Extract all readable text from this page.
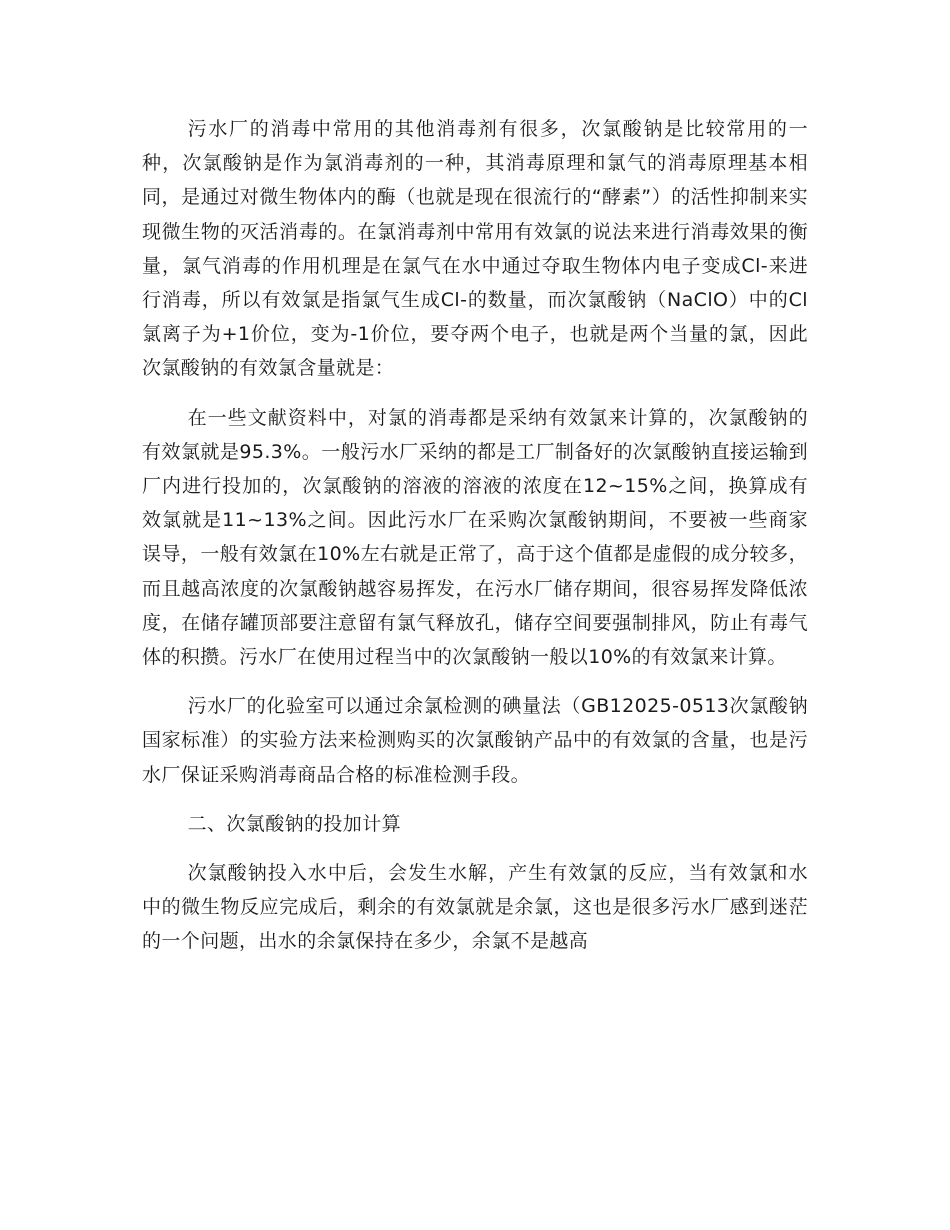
污水厂的消毒中常用的其他消毒剂有很多，次氯酸钠是比较常用的一种，次氯酸钠是作为氯消毒剂的一种，其消毒原理和氯气的消毒原理基本相同，是通过对微生物体内的酶（也就是现在很流行的“酵素”）的活性抑制来实现微生物的灭活消毒的。在氯消毒剂中常用有效氯的说法来进行消毒效果的衡量，氯气消毒的作用机理是在氯气在水中通过夺取生物体内电子变成Cl-来进行消毒，所以有效氯是指氯气生成Cl-的数量，而次氯酸钠（NaClO）中的Cl氯离子为+1价位，变为-1价位，要夺两个电子，也就是两个当量的氯，因此次氯酸钠的有效氯含量就是：

在一些文献资料中，对氯的消毒都是采纳有效氯来计算的，次氯酸钠的有效氯就是95.3%。一般污水厂采纳的都是工厂制备好的次氯酸钠直接运输到厂内进行投加的，次氯酸钠的溶液的溶液的浓度在12~15%之间，换算成有效氯就是11~13%之间。因此污水厂在采购次氯酸钠期间，不要被一些商家误导，一般有效氯在10%左右就是正常了，高于这个值都是虚假的成分较多，而且越高浓度的次氯酸钠越容易挥发，在污水厂储存期间，很容易挥发降低浓度，在储存罐顶部要注意留有氯气释放孔，储存空间要强制排风，防止有毒气体的积攒。污水厂在使用过程当中的次氯酸钠一般以10%的有效氯来计算。

污水厂的化验室可以通过余氯检测的碘量法（GB12025-0513次氯酸钠国家标准）的实验方法来检测购买的次氯酸钠产品中的有效氯的含量，也是污水厂保证采购消毒商品合格的标准检测手段。

二、次氯酸钠的投加计算

次氯酸钠投入水中后，会发生水解，产生有效氯的反应，当有效氯和水中的微生物反应完成后，剩余的有效氯就是余氯，这也是很多污水厂感到迷茫的一个问题，出水的余氯保持在多少，余氯不是越高
